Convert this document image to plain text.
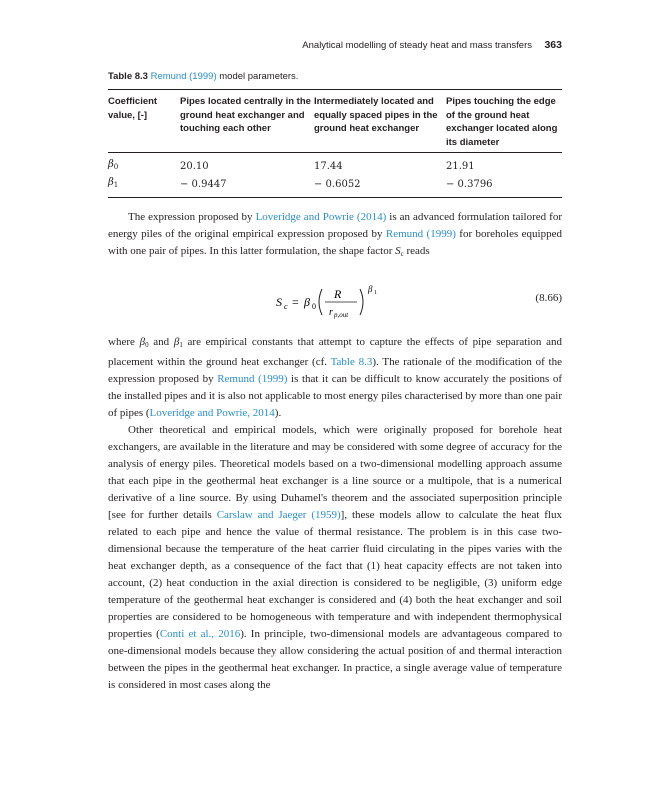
Analytical modelling of steady heat and mass transfers 363
Table 8.3 Remund (1999) model parameters.
Coefficient value, [-]	Pipes located centrally in the ground heat exchanger and touching each other	Intermediately located and equally spaced pipes in the ground heat exchanger	Pipes touching the edge of the ground heat exchanger located along its diameter
$\beta_0$	20.10	17.44	21.91
$\beta_1$	− 0.9447	− 0.6052	− 0.3796

The expression proposed by Loveridge and Powrie (2014) is an advanced formulation tailored for energy piles of the original empirical expression proposed by Remund (1999) for boreholes equipped with one pair of pipes. In this latter formulation, the shape factor $S_c$ reads

S c = β 0
R
r p,out
β 1	(8.66)

where $\beta_0$ and $\beta_1$ are empirical constants that attempt to capture the effects of pipe separation and placement within the ground heat exchanger (cf. Table 8.3). The rationale of the modification of the expression proposed by Remund (1999) is that it can be difficult to know accurately the positions of the installed pipes and it is also not applicable to most energy piles characterised by more than one pair of pipes (Loveridge and Powrie, 2014).

Other theoretical and empirical models, which were originally proposed for borehole heat exchangers, are available in the literature and may be considered with some degree of accuracy for the analysis of energy piles. Theoretical models based on a two-dimensional modelling approach assume that each pipe in the geothermal heat exchanger is a line source or a multipole, that is a numerical derivative of a line source. By using Duhamel's theorem and the associated superposition principle [see for further details Carslaw and Jaeger (1959)], these models allow to calculate the heat flux related to each pipe and hence the value of thermal resistance. The problem is in this case two-dimensional because the temperature of the heat carrier fluid circulating in the pipes varies with the heat exchanger depth, as a consequence of the fact that (1) heat capacity effects are not taken into account, (2) heat conduction in the axial direction is considered to be negligible, (3) uniform edge temperature of the geothermal heat exchanger is considered and (4) both the heat exchanger and soil properties are considered to be homogeneous with temperature and with independent thermophysical properties (Conti et al., 2016). In principle, two-dimensional models are advantageous compared to one-dimensional models because they allow considering the actual position of and thermal interaction between the pipes in the geothermal heat exchanger. In practice, a single average value of temperature is considered in most cases along the
